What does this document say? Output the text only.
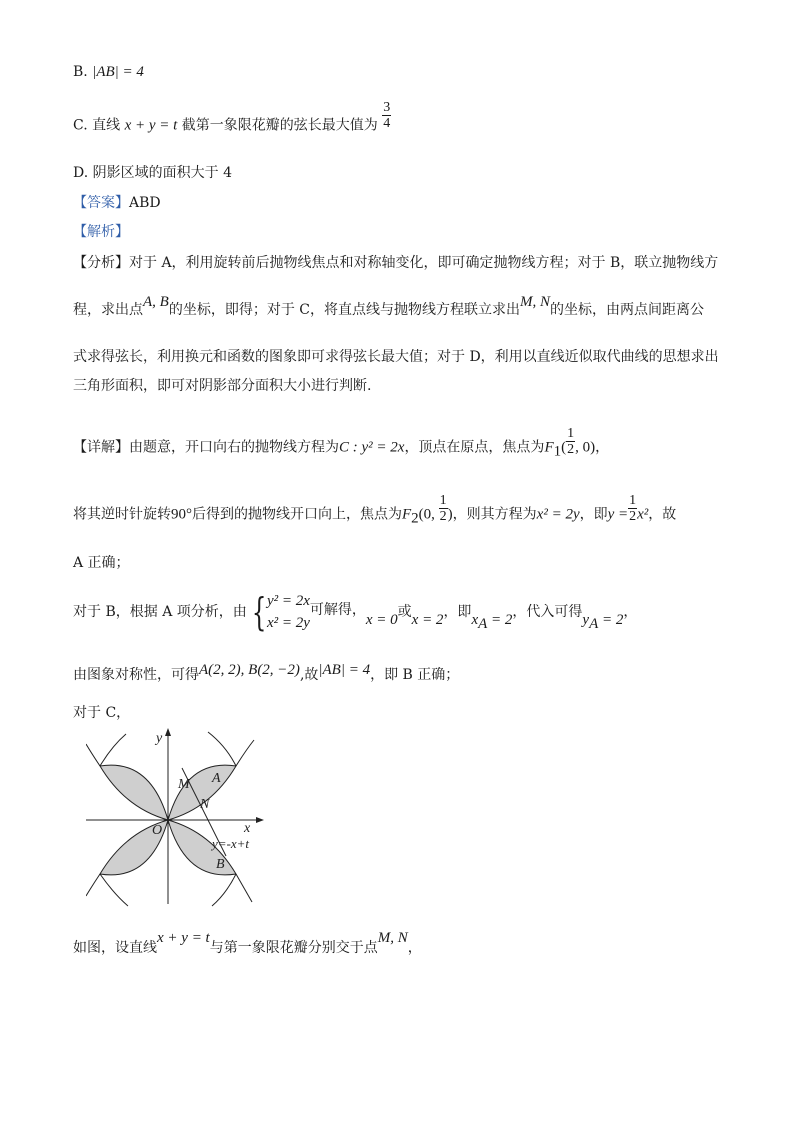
B. |AB| = 4
C. 直线 x + y = t 截第一象限花瓣的弦长最大值为 $\frac{3}{4}$
D. 阴影区域的面积大于 4
【答案】ABD
【解析】
【分析】对于 A，利用旋转前后抛物线焦点和对称轴变化，即可确定抛物线方程；对于 B，联立抛物线方
程，求出点A, B的坐标，即得；对于 C，将直点线与抛物线方程联立求出M, N的坐标，由两点间距离公
式求得弦长，利用换元和函数的图象即可求得弦长最大值；对于 D，利用以直线近似取代曲线的思想求出
三角形面积，即可对阴影部分面积大小进行判断.
【详解】由题意，开口向右的抛物线方程为C : y² = 2x，顶点在原点，焦点为$F_1( \frac{1}{2}$ , 0)，
将其逆时针旋转90°后得到的抛物线开口向上，焦点为$F_2(0$, $\frac{1}{2}$ )，则其方程为x² = 2y，即$y = \frac{1}{2} x^2$，故
A 正确；
对于 B，根据 A 项分析，由 { y² = 2x
x² = 2y
可解得，x = 0或x = 2，即$x_A = 2$，代入可得$y_A = 2$，
由图象对称性，可得A(2, 2), B(2, −2),故|AB| = 4，即 B 正确；
对于 C，
y
x
O
M A
N
B
y=-x+t
如图，设直线x + y = t与第一象限花瓣分别交于点M, N，
